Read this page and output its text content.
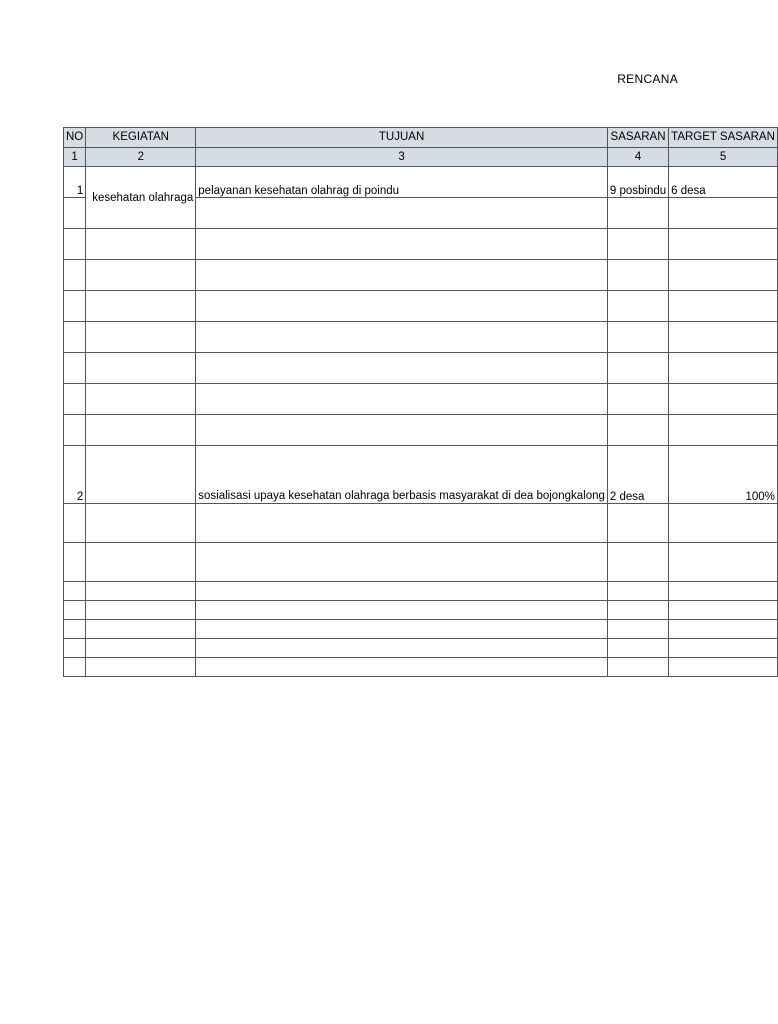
RENCANA
NO	KEGIATAN	TUJUAN	SASARAN	TARGET SASARAN
1	2	3	4	5
1	kesehatan olahraga	pelayanan kesehatan olahrag di poindu	9 posbindu	6 desa

2		sosialisasi upaya kesehatan olahraga berbasis masyarakat di dea bojongkalong	2 desa	100%
